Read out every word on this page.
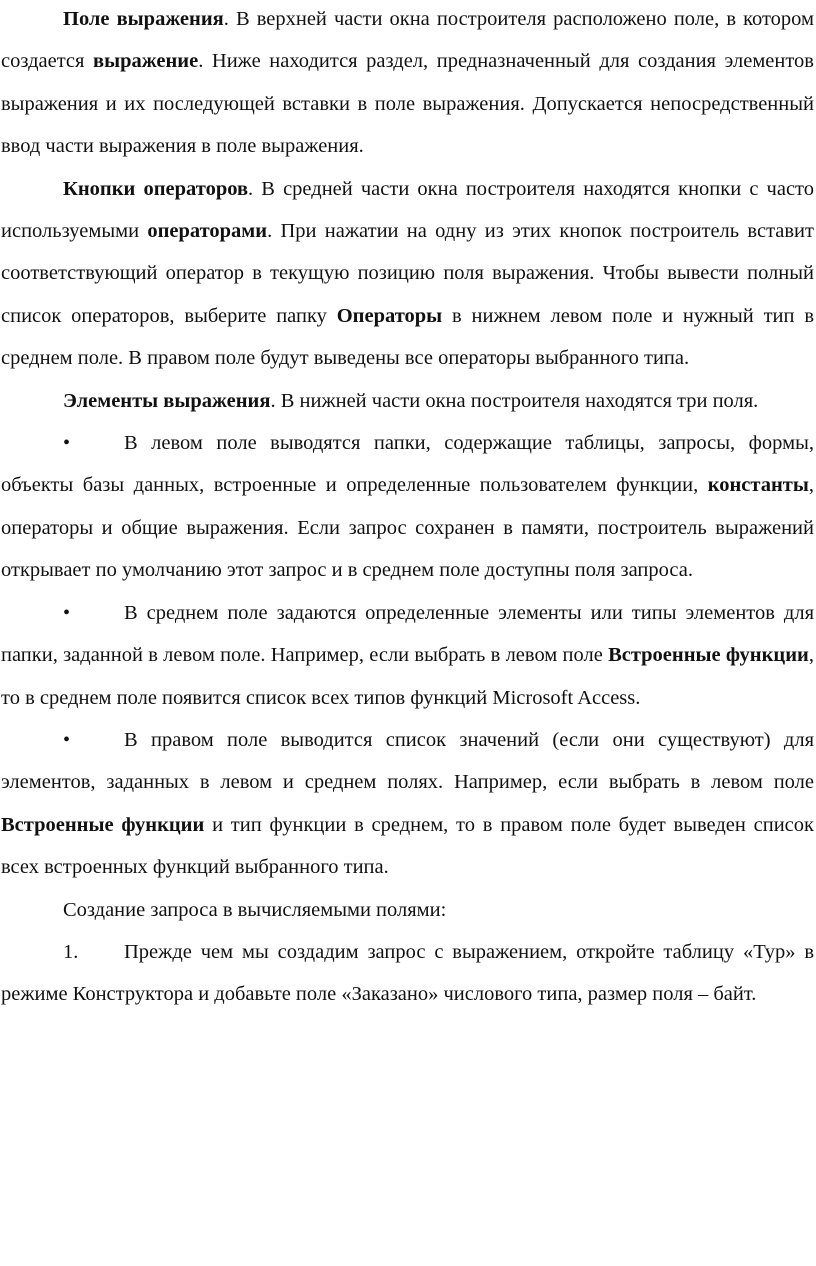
Поле выражения. В верхней части окна построителя расположено поле, в котором создается выражение. Ниже находится раздел, предназначенный для создания элементов выражения и их последующей вставки в поле выражения. Допускается непосредственный ввод части выражения в поле выражения.

Кнопки операторов. В средней части окна построителя находятся кнопки с часто используемыми операторами. При нажатии на одну из этих кнопок построитель вставит соответствующий оператор в текущую позицию поля выражения. Чтобы вывести полный список операторов, выберите папку Операторы в нижнем левом поле и нужный тип в среднем поле. В правом поле будут выведены все операторы выбранного типа.

Элементы выражения. В нижней части окна построителя находятся три поля.

•	В левом поле выводятся папки, содержащие таблицы, запросы, формы, объекты базы данных, встроенные и определенные пользователем функции, константы, операторы и общие выражения. Если запрос сохранен в памяти, построитель выражений открывает по умолчанию этот запрос и в среднем поле доступны поля запроса.

•	В среднем поле задаются определенные элементы или типы элементов для папки, заданной в левом поле. Например, если выбрать в левом поле Встроенные функции, то в среднем поле появится список всех типов функций Microsoft Access.

•	В правом поле выводится список значений (если они существуют) для элементов, заданных в левом и среднем полях. Например, если выбрать в левом поле Встроенные функции и тип функции в среднем, то в правом поле будет выведен список всех встроенных функций выбранного типа.

Создание запроса в вычисляемыми полями:

1. Прежде чем мы создадим запрос с выражением, откройте таблицу «Тур» в режиме Конструктора и добавьте поле «Заказано» числового типа, размер поля – байт.
